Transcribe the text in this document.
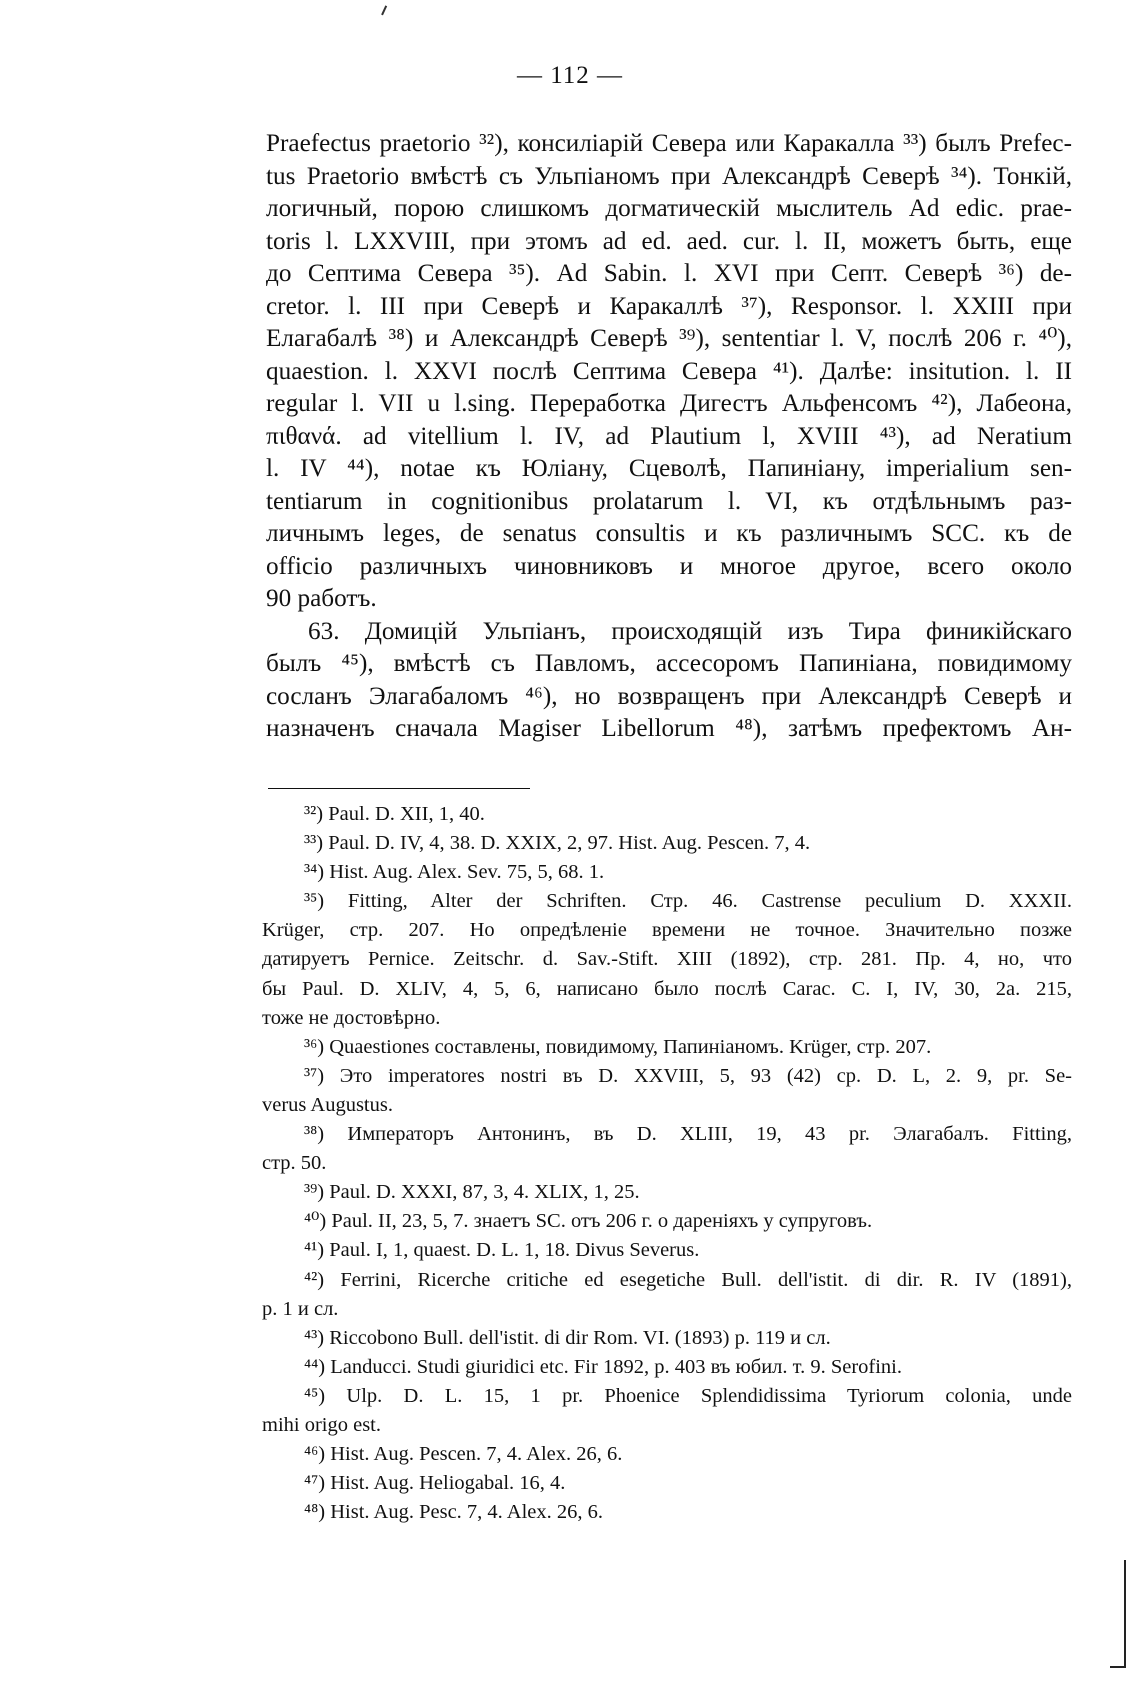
— 112 —
Praefectus praetorio ³²), консиліарій Севера или Каракалла ³³) былъ Prefec-
tus Praetorio вмѣстѣ съ Ульпіаномъ при Александрѣ Северѣ ³⁴). Тонкій,
логичный, порою слишкомъ догматическій мыслитель Ad edic. prae-
toris l. LXXVIII, при этомъ ad ed. aed. cur. l. II, можетъ быть, еще
до Септима Севера ³⁵). Ad Sabin. l. XVI при Септ. Северѣ ³⁶) de-
cretor. l. III при Северѣ и Каракаллѣ ³⁷), Responsor. l. XXIII при
Елагабалѣ ³⁸) и Александрѣ Северѣ ³⁹), sententiar l. V, послѣ 206 г. ⁴⁰),
quaestion. l. XXVI послѣ Септима Севера ⁴¹). Далѣе: insitution. l. II
regular l. VII u l.sing. Переработка Дигестъ Альфенсомъ ⁴²), Лабеона,
πιθανά. ad vitellium l. IV, ad Plautium l, XVIII ⁴³), ad Neratium
l. IV ⁴⁴), notae къ Юліану, Сцеволѣ, Папиніану, imperialium sen-
tentiarum in cognitionibus prolatarum l. VI, къ отдѣльнымъ раз-
личнымъ leges, de senatus consultis и къ различнымъ SCC. къ de
officio различныхъ чиновниковъ и многое другое, всего около
90 работъ.
63. Домицій Ульпіанъ, происходящій изъ Тира финикійскаго
былъ ⁴⁵), вмѣстѣ съ Павломъ, ассесоромъ Папиніана, повидимому
сосланъ Элагабаломъ ⁴⁶), но возвращенъ при Александрѣ Северѣ и
назначенъ сначала Magiser Libellorum ⁴⁸), затѣмъ префектомъ Ан-
³²) Paul. D. XII, 1, 40.
³³) Paul. D. IV, 4, 38. D. XXIX, 2, 97. Hist. Aug. Pescen. 7, 4.
³⁴) Hist. Aug. Alex. Sev. 75, 5, 68. 1.
³⁵) Fitting, Alter der Schriften. Стр. 46. Castrense peculium D. XXXII.
Krüger, стр. 207. Но опредѣленіе времени не точное. Значительно позже
датируетъ Pernice. Zeitschr. d. Sav.-Stift. XIII (1892), стр. 281. Пр. 4, но, что
бы Paul. D. XLIV, 4, 5, 6, написано было послѣ Carac. C. I, IV, 30, 2а. 215,
тоже не достовѣрно.
³⁶) Quaestiones составлены, повидимому, Папиніаномъ. Krüger, стр. 207.
³⁷) Это imperatores nostri въ D. XXVIII, 5, 93 (42) ср. D. L, 2. 9, pr. Se-
verus Augustus.
³⁸) Императоръ Антонинъ, въ D. XLIII, 19, 43 pr. Элагабалъ. Fitting,
стр. 50.
³⁹) Paul. D. XXXI, 87, 3, 4. XLIX, 1, 25.
⁴⁰) Paul. II, 23, 5, 7. знаетъ SC. отъ 206 г. о дареніяхъ у супруговъ.
⁴¹) Paul. I, 1, quaest. D. L. 1, 18. Divus Severus.
⁴²) Ferrini, Ricerche critiche ed esegetiche Bull. dell'istit. di dir. R. IV (1891),
p. 1 и сл.
⁴³) Riccobono Bull. dell'istit. di dir Rom. VI. (1893) p. 119 и сл.
⁴⁴) Landucci. Studi giuridici etc. Fir 1892, p. 403 въ юбил. т. 9. Serofini.
⁴⁵) Ulp. D. L. 15, 1 pr. Phoenice Splendidissima Tyriorum colonia, unde
mihi origo est.
⁴⁶) Hist. Aug. Pescen. 7, 4. Alex. 26, 6.
⁴⁷) Hist. Aug. Heliogabal. 16, 4.
⁴⁸) Hist. Aug. Pesc. 7, 4. Alex. 26, 6.
